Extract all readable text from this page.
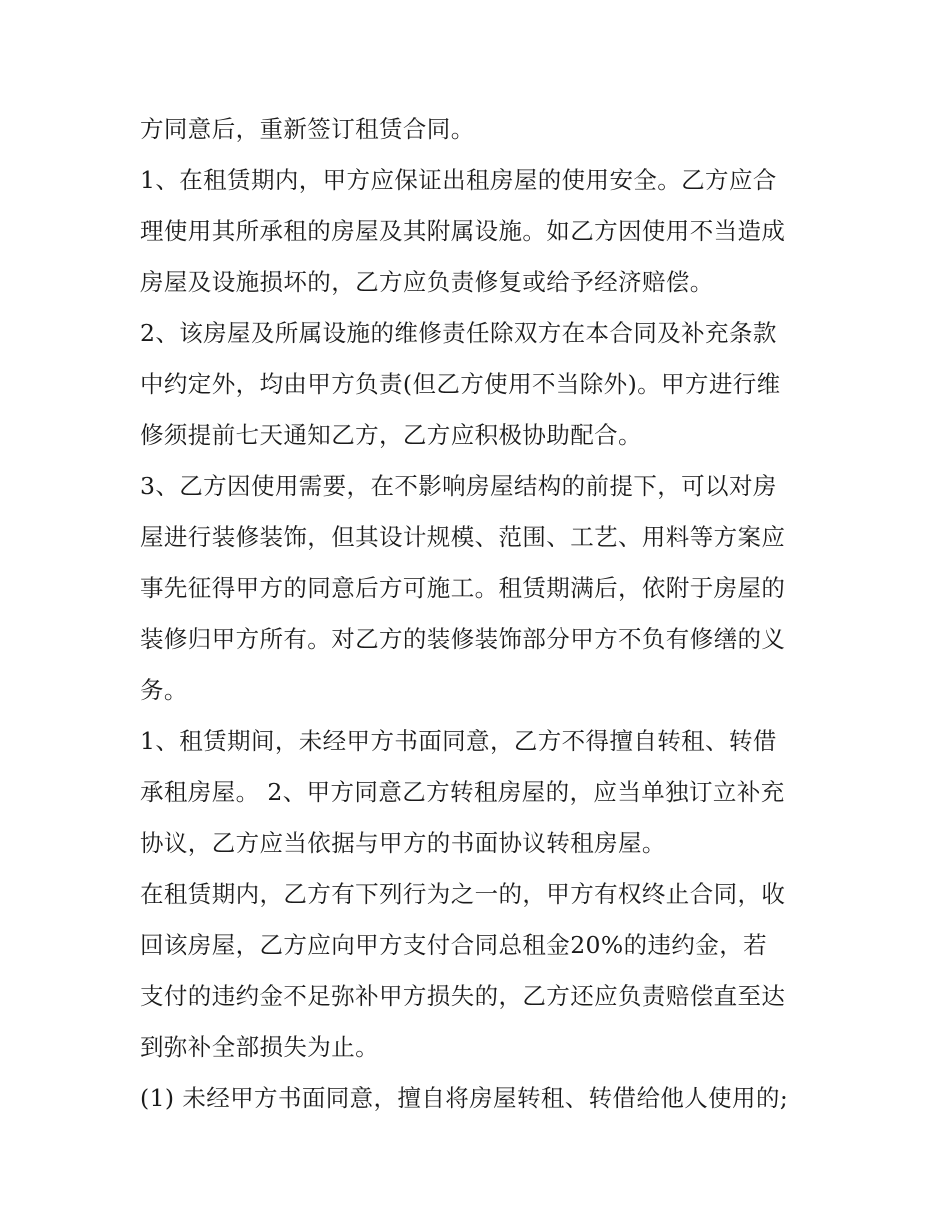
方同意后，重新签订租赁合同。
1、在租赁期内，甲方应保证出租房屋的使用安全。乙方应合
理使用其所承租的房屋及其附属设施。如乙方因使用不当造成
房屋及设施损坏的，乙方应负责修复或给予经济赔偿。
2、该房屋及所属设施的维修责任除双方在本合同及补充条款
中约定外，均由甲方负责(但乙方使用不当除外)。甲方进行维
修须提前七天通知乙方，乙方应积极协助配合。
3、乙方因使用需要，在不影响房屋结构的前提下，可以对房
屋进行装修装饰，但其设计规模、范围、工艺、用料等方案应
事先征得甲方的同意后方可施工。租赁期满后，依附于房屋的
装修归甲方所有。对乙方的装修装饰部分甲方不负有修缮的义
务。
1、租赁期间，未经甲方书面同意，乙方不得擅自转租、转借
承租房屋。 2、甲方同意乙方转租房屋的，应当单独订立补充
协议，乙方应当依据与甲方的书面协议转租房屋。
在租赁期内，乙方有下列行为之一的，甲方有权终止合同，收
回该房屋，乙方应向甲方支付合同总租金20%的违约金，若
支付的违约金不足弥补甲方损失的，乙方还应负责赔偿直至达
到弥补全部损失为止。
(1) 未经甲方书面同意，擅自将房屋转租、转借给他人使用的;
